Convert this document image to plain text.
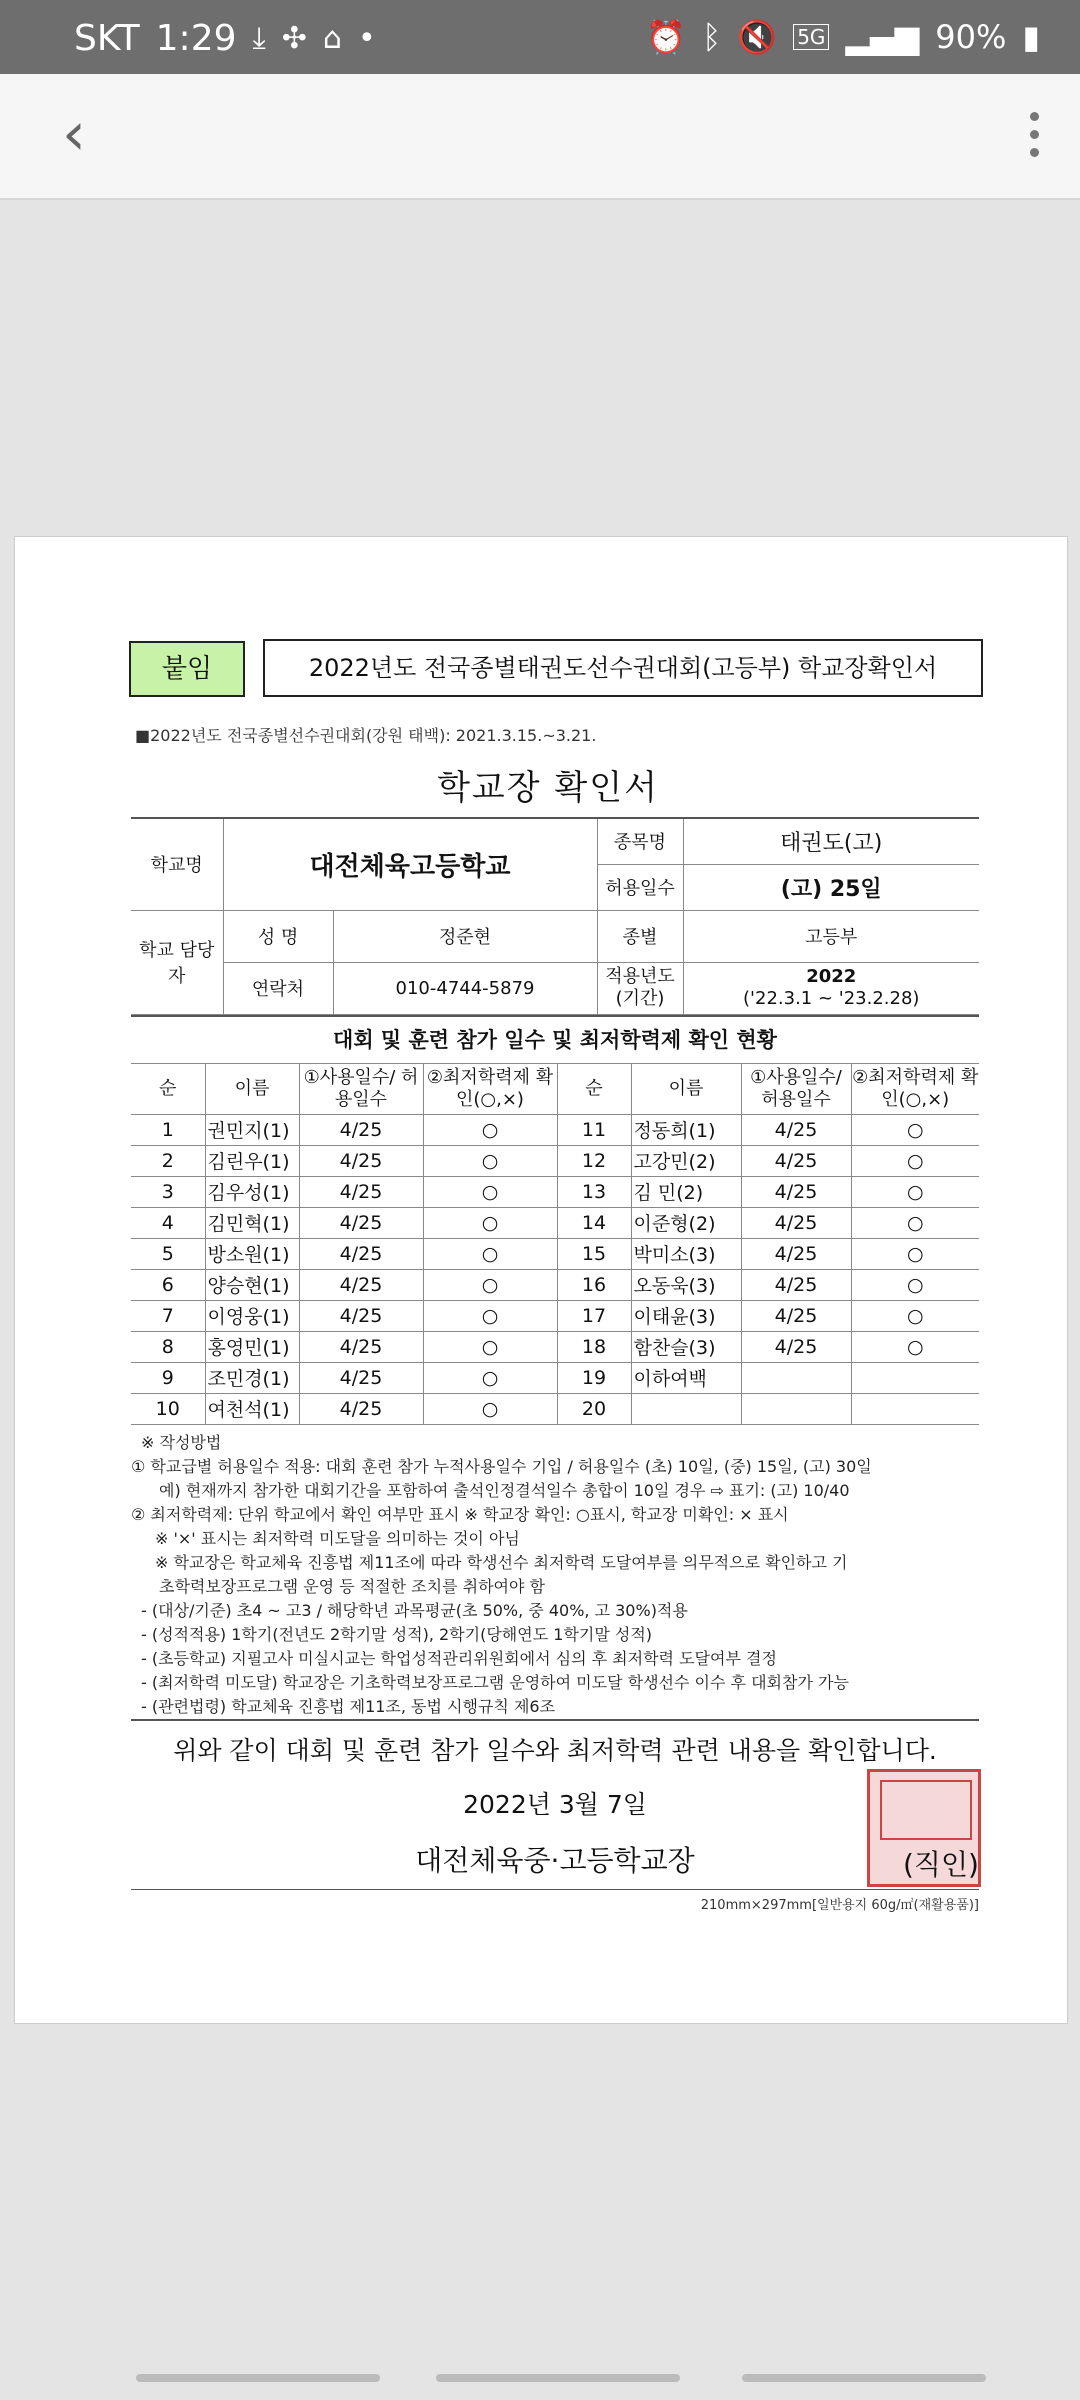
SKT 1:29 ⤓ ✣ ⌂ •	⏰ ᛒ 🔇 5G ▂▄▆ 90% ▮
‹
붙임	2022년도 전국종별태권도선수권대회(고등부) 학교장확인서
■2022년도 전국종별선수권대회(강원 태백): 2021.3.15.~3.21.
학교장 확인서
학교명	대전체육고등학교		종목명	태권도(고)
			허용일수	(고) 25일
학교 담당자	성 명	정준현	종별	고등부
	연락처	010-4744-5879	적용년도 (기간)	2022
('22.3.1 ~ '23.2.28)
대회 및 훈련 참가 일수 및 최저학력제 확인 현황
순	이름	①사용일수/ 허용일수	②최저학력제 확인(○,×)	순	이름	①사용일수/ 허용일수	②최저학력제 확인(○,×)
1	권민지(1)	4/25	○	11	정동희(1)	4/25	○
2	김린우(1)	4/25	○	12	고강민(2)	4/25	○
3	김우성(1)	4/25	○	13	김 민(2)	4/25	○
4	김민혁(1)	4/25	○	14	이준형(2)	4/25	○
5	방소원(1)	4/25	○	15	박미소(3)	4/25	○
6	양승현(1)	4/25	○	16	오동욱(3)	4/25	○
7	이영웅(1)	4/25	○	17	이태윤(3)	4/25	○
8	홍영민(1)	4/25	○	18	함찬슬(3)	4/25	○
9	조민경(1)	4/25	○	19	이하여백		
10	여천석(1)	4/25	○	20			
※ 작성방법
① 학교급별 허용일수 적용: 대회 훈련 참가 누적사용일수 기입 / 허용일수 (초) 10일, (중) 15일, (고) 30일
예) 현재까지 참가한 대회기간을 포함하여 출석인정결석일수 총합이 10일 경우 ⇨ 표기: (고) 10/40
② 최저학력제: 단위 학교에서 확인 여부만 표시 ※ 학교장 확인: ○표시, 학교장 미확인: × 표시
※ '×' 표시는 최저학력 미도달을 의미하는 것이 아님
※ 학교장은 학교체육 진흥법 제11조에 따라 학생선수 최저학력 도달여부를 의무적으로 확인하고 기
초학력보장프로그램 운영 등 적절한 조치를 취하여야 함
- (대상/기준) 초4 ~ 고3 / 해당학년 과목평균(초 50%, 중 40%, 고 30%)적용
- (성적적용) 1학기(전년도 2학기말 성적), 2학기(당해연도 1학기말 성적)
- (초등학교) 지필고사 미실시교는 학업성적관리위원회에서 심의 후 최저학력 도달여부 결정
- (최저학력 미도달) 학교장은 기초학력보장프로그램 운영하여 미도달 학생선수 이수 후 대회참가 가능
- (관련법령) 학교체육 진흥법 제11조, 동법 시행규칙 제6조
위와 같이 대회 및 훈련 참가 일수와 최저학력 관련 내용을 확인합니다.
2022년 3월 7일
대전체육중·고등학교장	(직인)
210mm×297mm[일반용지 60g/㎡(재활용품)]
